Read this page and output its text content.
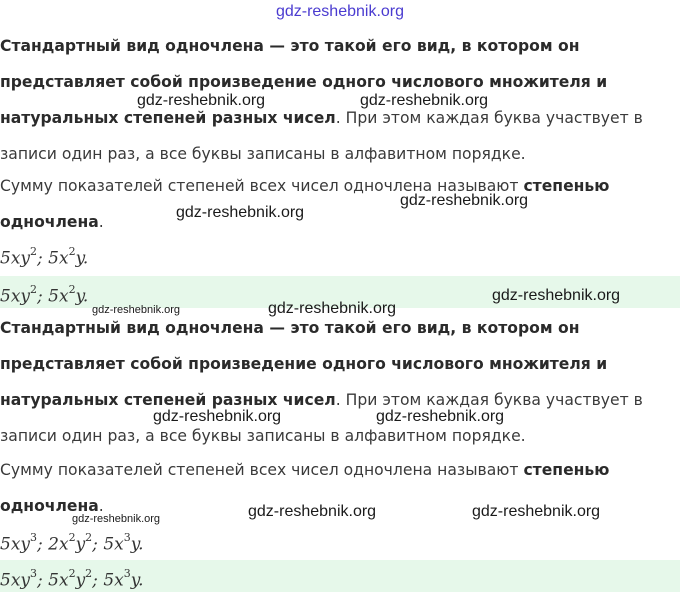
gdz-reshebnik.org
Стандартный вид одночлена — это такой его вид, в котором он представляет собой произведение одного числового множителя и натуральных степеней разных чисел. При этом каждая буква участвует в записи один раз, а все буквы записаны в алфавитном порядке.
Сумму показателей степеней всех чисел одночлена называют степенью одночлена.
$5xy^2$; $5x^2y$.
$5xy^2$; $5x^2y$.
Стандартный вид одночлена — это такой его вид, в котором он представляет собой произведение одного числового множителя и натуральных степеней разных чисел. При этом каждая буква участвует в записи один раз, а все буквы записаны в алфавитном порядке.
Сумму показателей степеней всех чисел одночлена называют степенью одночлена.
$5xy^3$; $2x^2y^2$; $5x^3y$.
$5xy^3$; $5x^2y^2$; $5x^3y$.
gdz-reshebnik.org	gdz-reshebnik.org
gdz-reshebnik.org
gdz-reshebnik.org
gdz-reshebnik.org
gdz-reshebnik.org	gdz-reshebnik.org
gdz-reshebnik.org	gdz-reshebnik.org
gdz-reshebnik.org	gdz-reshebnik.org	gdz-reshebnik.org
